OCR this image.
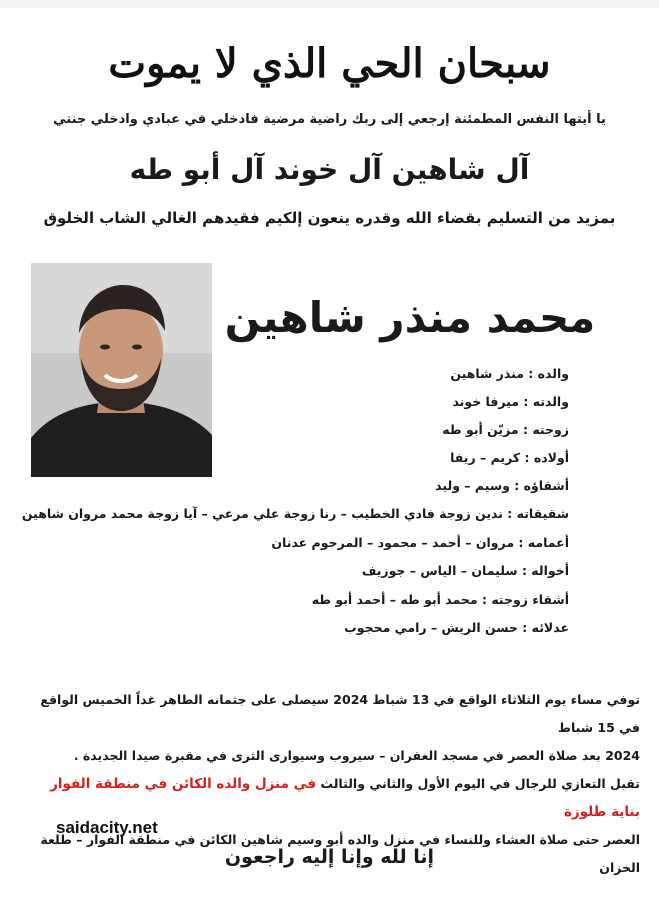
سبحان الحي الذي لا يموت
يا أيتها النفس المطمئنة إرجعي إلى ربك راضية مرضية فادخلي في عبادي وادخلي جنتي
آل شاهين آل خوند آل أبو طه
بمزيد من التسليم بقضاء الله وقدره ينعون إلكيم فقيدهم الغالي الشاب الخلوق
محمد منذر شاهين
والده : منذر شاهين
والدته : ميرفا خوند
زوجته : مزيّن أبو طه
أولاده : كريم – ريفا
أشقاؤه : وسيم – وليد
شقيقاته : ندين زوجة فادي الخطيب – رنا زوجة علي مرعي – آيا زوجة محمد مروان شاهين
أعمامه : مروان – أحمد – محمود – المرحوم عدنان
أخواله : سليمان – الياس – جوزيف
أشقاء زوجته : محمد أبو طه – أحمد أبو طه
عدلائه : حسن الريش – رامي محجوب
توفي مساء يوم الثلاثاء الواقع في 13 شباط 2024 سيصلى على جثمانه الطاهر غداً الخميس الواقع في 15 شباط
2024 بعد صلاة العصر في مسجد الغفران – سيروب وسيوارى الثرى في مقبرة صيدا الجديدة .
تقبل التعازي للرجال في اليوم الأول والثاني والثالث في منزل والده الكائن في منطقة الفوار بناية طلوزة
العصر حتى صلاة العشاء وللنساء في منزل والده أبو وسيم شاهين الكائن في منطقة الفوار – طلعة الخزان
saidacity.net
إنا لله وإنا إليه راجعون
